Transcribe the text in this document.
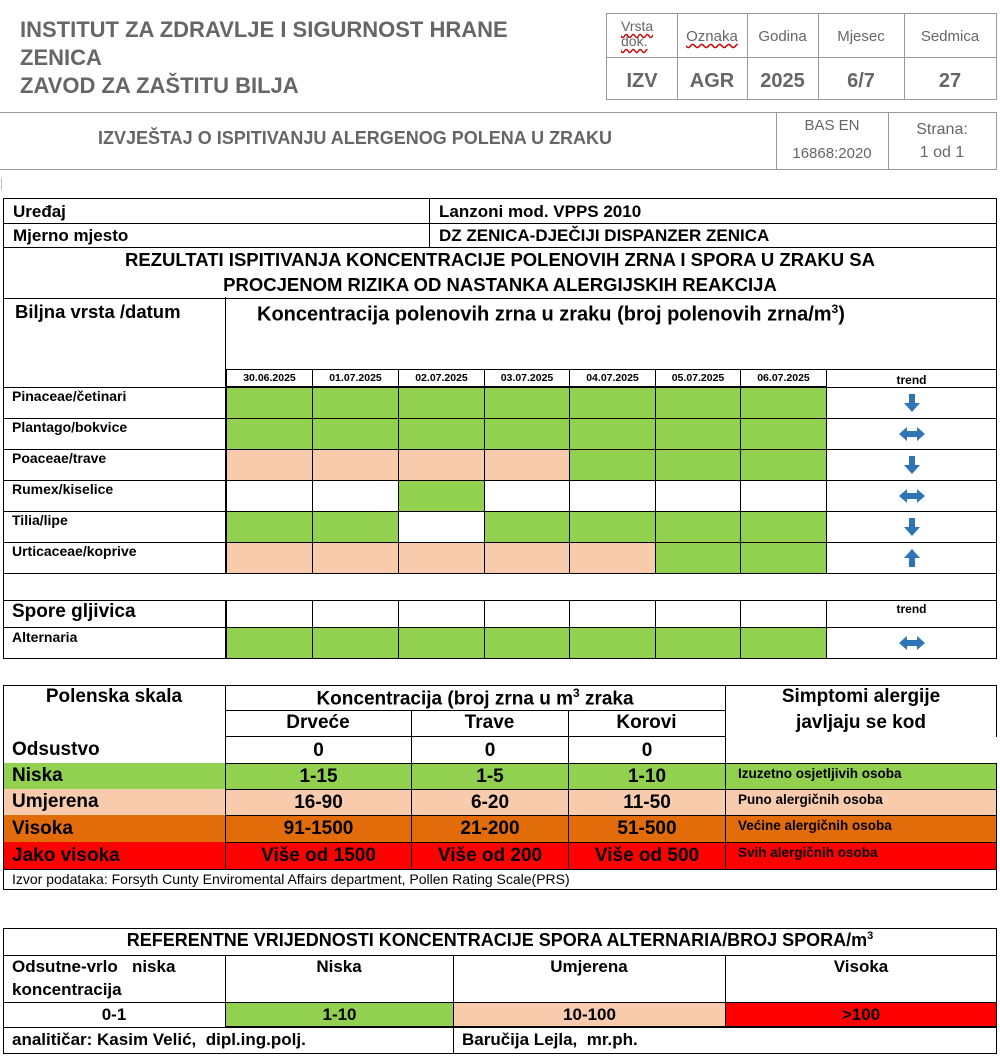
INSTITUT ZA ZDRAVLJE I SIGURNOST HRANE
ZENICA
ZAVOD ZA ZAŠTITU BILJA
Vrsta dok.	Oznaka	Godina	Mjesec	Sedmica
IZV	AGR	2025	6/7	27
IZVJEŠTAJ O ISPITIVANJU ALERGENOG POLENA U ZRAKU
BAS EN
16868:2020
Strana:
1 od 1
Uređaj	Lanzoni mod. VPPS 2010
Mjerno mjesto	DZ ZENICA-DJEČIJI DISPANZER ZENICA
REZULTATI ISPITIVANJA KONCENTRACIJE POLENOVIH ZRNA I SPORA U ZRAKU SA
PROCJENOM RIZIKA OD NASTANKA ALERGIJSKIH REAKCIJA
Biljna vrsta /datum	Koncentracija polenovih zrna u zraku (broj polenovih zrna/$m^3$)
30.06.2025	01.07.2025	02.07.2025	03.07.2025	04.07.2025	05.07.2025	06.07.2025	trend
Pinaceae/četinari
Plantago/bokvice
Poaceae/trave
Rumex/kiselice
Tilia/lipe
Urticaceae/koprive
Spore gljivica	trend
Alternaria
Polenska skala	Koncentracija (broj zrna u $m^3$ zraka
Drveće	Trave	Korovi
Simptomi alergije
javljaju se kod
Odsustvo	0	0	0
Niska	1-15	1-5	1-10	Izuzetno osjetljivih osoba
Umjerena	16-90	6-20	11-50	Puno alergičnih osoba
Visoka	91-1500	21-200	51-500	Većine alergičnih osoba
Jako visoka	Više od 1500	Više od 200	Više od 500	Svih alergičnih osoba
Izvor podataka: Forsyth Cunty Enviromental Affairs department, Pollen Rating Scale(PRS)
REFERENTNE VRIJEDNOSTI KONCENTRACIJE SPORA ALTERNARIA/BROJ SPORA/$m^3$
Odsutne-vrlo   niska
koncentracija
Niska	Umjerena	Visoka
0-1	1-10	10-100	>100
analitičar: Kasim Velić,  dipl.ing.polj.	Baručija Lejla,  mr.ph.
